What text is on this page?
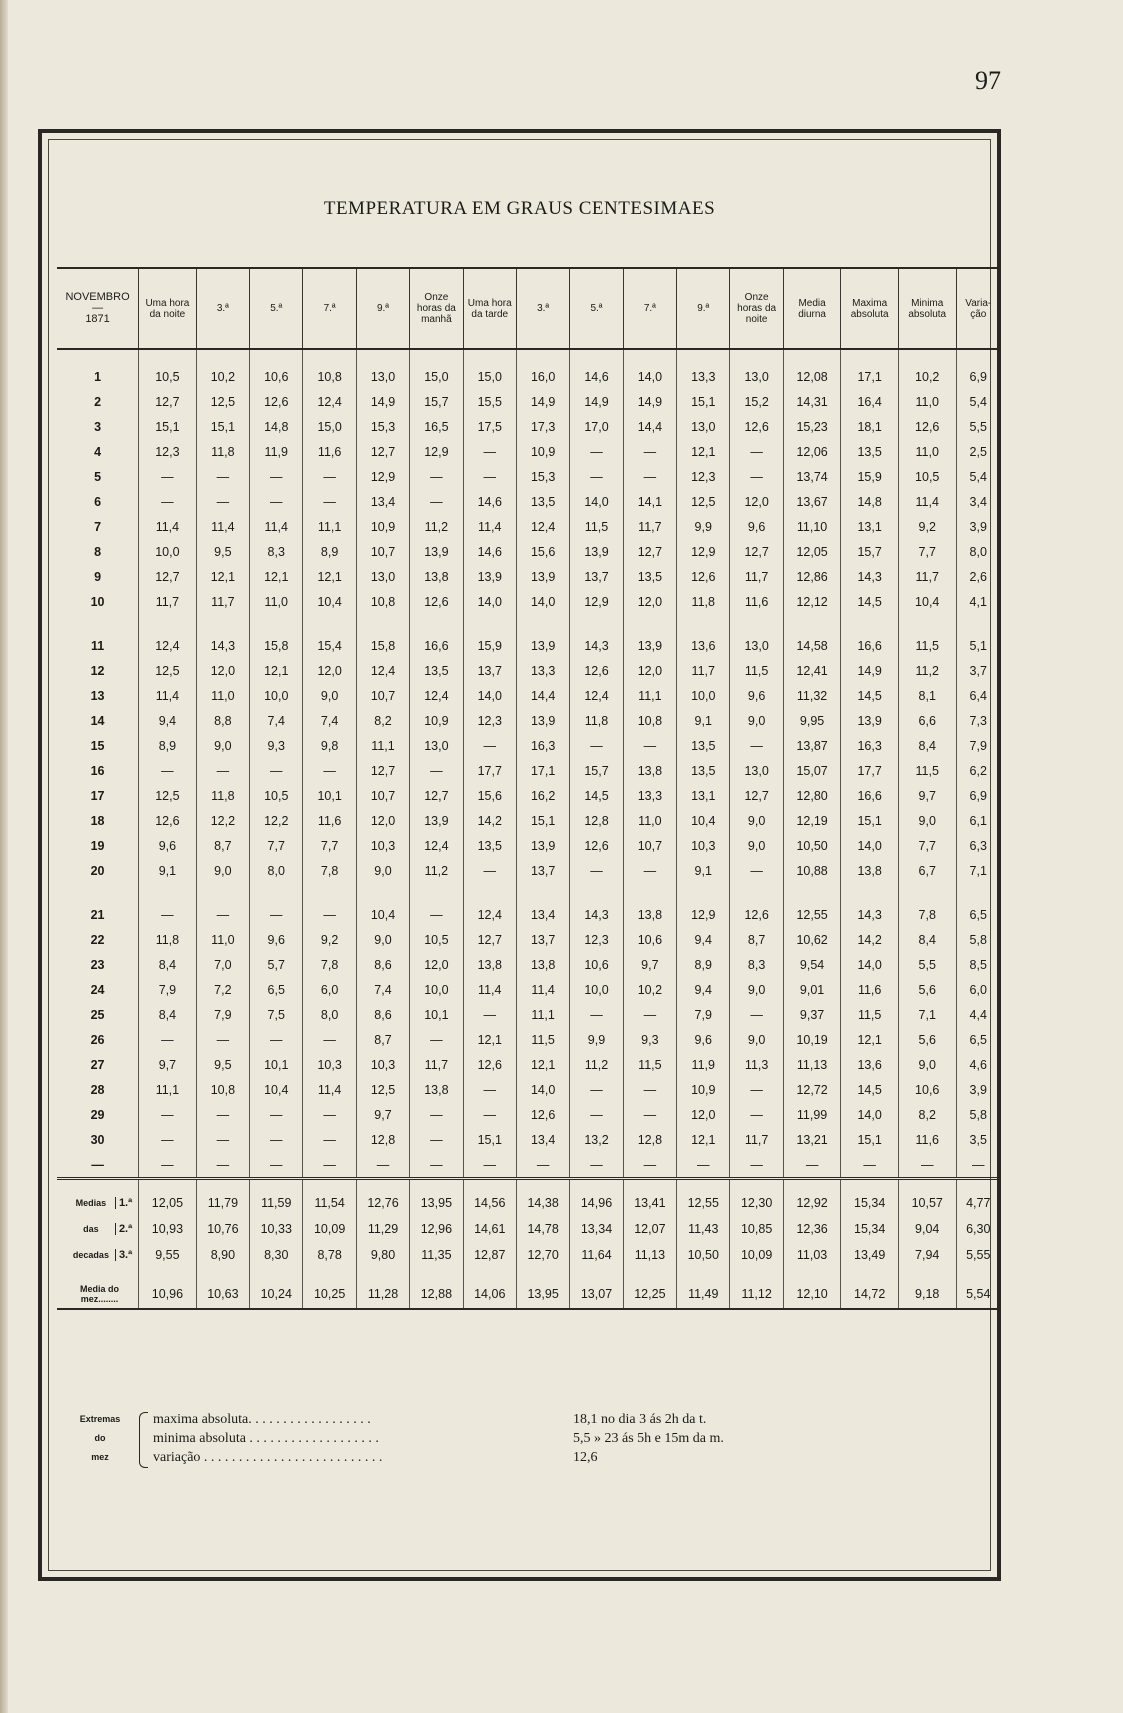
97
TEMPERATURA EM GRAUS CENTESIMAES
NOVEMBRO
—
1871	Uma hora da noite	3.ª	5.ª	7.ª	9.ª	Onze horas da manhã	Uma hora da tarde	3.ª	5.ª	7.ª	9.ª	Onze horas da noite	Media diurna	Maxima absoluta	Minima absoluta	Varia-ção
1	10,5	10,2	10,6	10,8	13,0	15,0	15,0	16,0	14,6	14,0	13,3	13,0	12,08	17,1	10,2	6,9
2	12,7	12,5	12,6	12,4	14,9	15,7	15,5	14,9	14,9	14,9	15,1	15,2	14,31	16,4	11,0	5,4
3	15,1	15,1	14,8	15,0	15,3	16,5	17,5	17,3	17,0	14,4	13,0	12,6	15,23	18,1	12,6	5,5
4	12,3	11,8	11,9	11,6	12,7	12,9	—	10,9	—	—	12,1	—	12,06	13,5	11,0	2,5
5	—	—	—	—	12,9	—	—	15,3	—	—	12,3	—	13,74	15,9	10,5	5,4
6	—	—	—	—	13,4	—	14,6	13,5	14,0	14,1	12,5	12,0	13,67	14,8	11,4	3,4
7	11,4	11,4	11,4	11,1	10,9	11,2	11,4	12,4	11,5	11,7	9,9	9,6	11,10	13,1	9,2	3,9
8	10,0	9,5	8,3	8,9	10,7	13,9	14,6	15,6	13,9	12,7	12,9	12,7	12,05	15,7	7,7	8,0
9	12,7	12,1	12,1	12,1	13,0	13,8	13,9	13,9	13,7	13,5	12,6	11,7	12,86	14,3	11,7	2,6
10	11,7	11,7	11,0	10,4	10,8	12,6	14,0	14,0	12,9	12,0	11,8	11,6	12,12	14,5	10,4	4,1
11	12,4	14,3	15,8	15,4	15,8	16,6	15,9	13,9	14,3	13,9	13,6	13,0	14,58	16,6	11,5	5,1
12	12,5	12,0	12,1	12,0	12,4	13,5	13,7	13,3	12,6	12,0	11,7	11,5	12,41	14,9	11,2	3,7
13	11,4	11,0	10,0	9,0	10,7	12,4	14,0	14,4	12,4	11,1	10,0	9,6	11,32	14,5	8,1	6,4
14	9,4	8,8	7,4	7,4	8,2	10,9	12,3	13,9	11,8	10,8	9,1	9,0	9,95	13,9	6,6	7,3
15	8,9	9,0	9,3	9,8	11,1	13,0	—	16,3	—	—	13,5	—	13,87	16,3	8,4	7,9
16	—	—	—	—	12,7	—	17,7	17,1	15,7	13,8	13,5	13,0	15,07	17,7	11,5	6,2
17	12,5	11,8	10,5	10,1	10,7	12,7	15,6	16,2	14,5	13,3	13,1	12,7	12,80	16,6	9,7	6,9
18	12,6	12,2	12,2	11,6	12,0	13,9	14,2	15,1	12,8	11,0	10,4	9,0	12,19	15,1	9,0	6,1
19	9,6	8,7	7,7	7,7	10,3	12,4	13,5	13,9	12,6	10,7	10,3	9,0	10,50	14,0	7,7	6,3
20	9,1	9,0	8,0	7,8	9,0	11,2	—	13,7	—	—	9,1	—	10,88	13,8	6,7	7,1
21	—	—	—	—	10,4	—	12,4	13,4	14,3	13,8	12,9	12,6	12,55	14,3	7,8	6,5
22	11,8	11,0	9,6	9,2	9,0	10,5	12,7	13,7	12,3	10,6	9,4	8,7	10,62	14,2	8,4	5,8
23	8,4	7,0	5,7	7,8	8,6	12,0	13,8	13,8	10,6	9,7	8,9	8,3	9,54	14,0	5,5	8,5
24	7,9	7,2	6,5	6,0	7,4	10,0	11,4	11,4	10,0	10,2	9,4	9,0	9,01	11,6	5,6	6,0
25	8,4	7,9	7,5	8,0	8,6	10,1	—	11,1	—	—	7,9	—	9,37	11,5	7,1	4,4
26	—	—	—	—	8,7	—	12,1	11,5	9,9	9,3	9,6	9,0	10,19	12,1	5,6	6,5
27	9,7	9,5	10,1	10,3	10,3	11,7	12,6	12,1	11,2	11,5	11,9	11,3	11,13	13,6	9,0	4,6
28	11,1	10,8	10,4	11,4	12,5	13,8	—	14,0	—	—	10,9	—	12,72	14,5	10,6	3,9
29	—	—	—	—	9,7	—	—	12,6	—	—	12,0	—	11,99	14,0	8,2	5,8
30	—	—	—	—	12,8	—	15,1	13,4	13,2	12,8	12,1	11,7	13,21	15,1	11,6	3,5
—	—	—	—	—	—	—	—	—	—	—	—	—	—	—	—	—

Medias 1.ª	12,05	11,79	11,59	11,54	12,76	13,95	14,56	14,38	14,96	13,41	12,55	12,30	12,92	15,34	10,57	4,77
das 2.ª	10,93	10,76	10,33	10,09	11,29	12,96	14,61	14,78	13,34	12,07	11,43	10,85	12,36	15,34	9,04	6,30
decadas 3.ª	9,55	8,90	8,30	8,78	9,80	11,35	12,87	12,70	11,64	11,13	10,50	10,09	11,03	13,49	7,94	5,55

Media do
mez........	10,96	10,63	10,24	10,25	11,28	12,88	14,06	13,95	13,07	12,25	11,49	11,12	12,10	14,72	9,18	5,54
Extremas
do
mez
maxima absoluta. . . . . . . . . . . . . . . . . .	18,1 no dia 3 ás 2h da t.
minima absoluta . . . . . . . . . . . . . . . . . . .	5,5 » 23 ás 5h e 15m da m.
variação . . . . . . . . . . . . . . . . . . . . . . . . . .	12,6
